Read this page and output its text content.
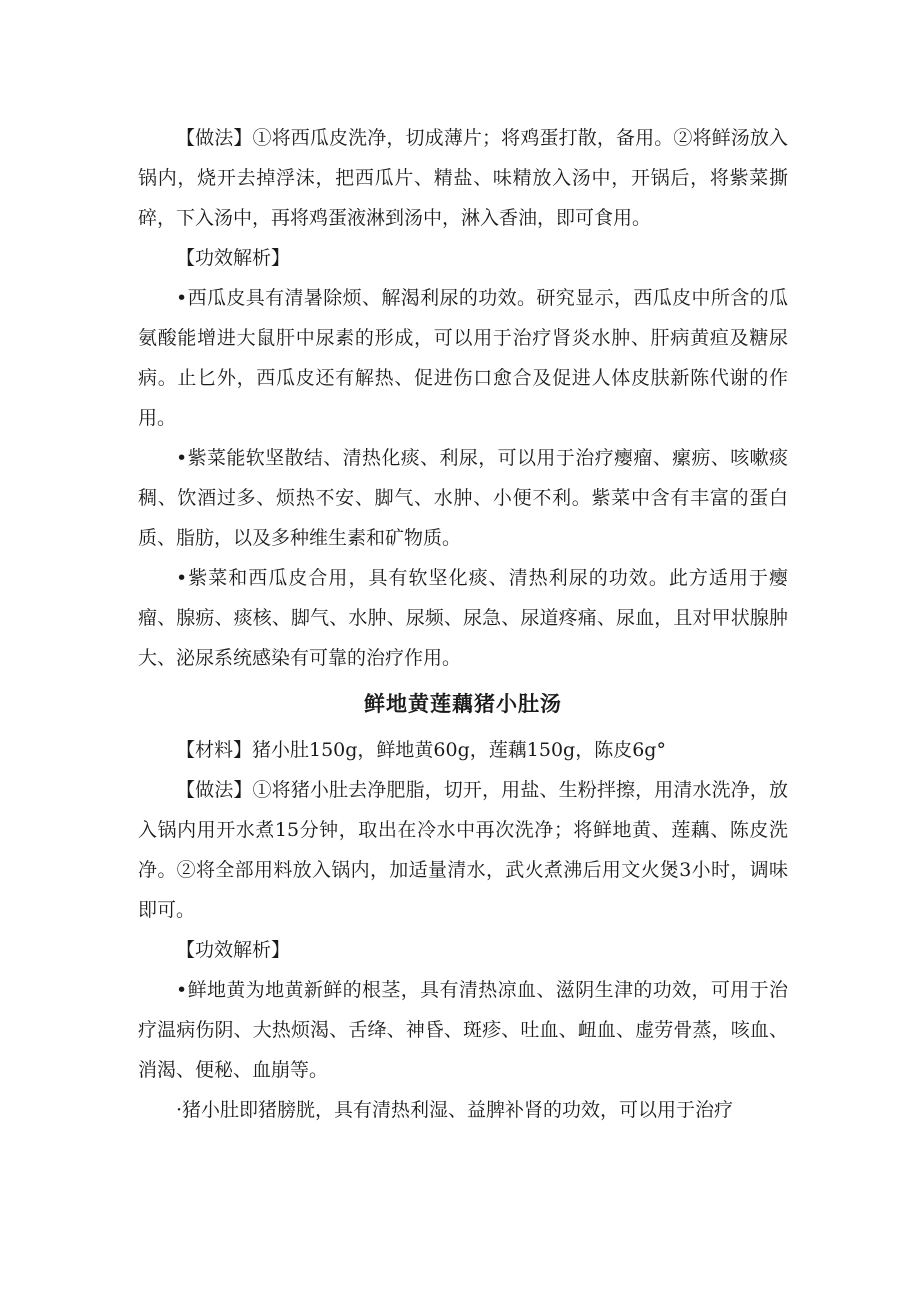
【做法】①将西瓜皮洗净，切成薄片；将鸡蛋打散，备用。②将鲜汤放入锅内，烧开去掉浮沫，把西瓜片、精盐、味精放入汤中，开锅后，将紫菜撕碎，下入汤中，再将鸡蛋液淋到汤中，淋入香油，即可食用。

【功效解析】

•西瓜皮具有清暑除烦、解渴利尿的功效。研究显示，西瓜皮中所含的瓜氨酸能增进大鼠肝中尿素的形成，可以用于治疗肾炎水肿、肝病黄疸及糖尿病。止匕外，西瓜皮还有解热、促进伤口愈合及促进人体皮肤新陈代谢的作用。

•紫菜能软坚散结、清热化痰、利尿，可以用于治疗瘿瘤、瘰疬、咳嗽痰稠、饮酒过多、烦热不安、脚气、水肿、小便不利。紫菜中含有丰富的蛋白质、脂肪，以及多种维生素和矿物质。

•紫菜和西瓜皮合用，具有软坚化痰、清热利尿的功效。此方适用于瘿瘤、腺疬、痰核、脚气、水肿、尿频、尿急、尿道疼痛、尿血，且对甲状腺肿大、泌尿系统感染有可靠的治疗作用。

鲜地黄莲藕猪小肚汤

【材料】猪小肚150g，鲜地黄60g，莲藕150g，陈皮6g°

【做法】①将猪小肚去净肥脂，切开，用盐、生粉拌擦，用清水洗净，放入锅内用开水煮15分钟，取出在冷水中再次洗净；将鲜地黄、莲藕、陈皮洗净。②将全部用料放入锅内，加适量清水，武火煮沸后用文火煲3小时，调味即可。

【功效解析】

•鲜地黄为地黄新鲜的根茎，具有清热凉血、滋阴生津的功效，可用于治疗温病伤阴、大热烦渴、舌绛、神昏、斑疹、吐血、衄血、虚劳骨蒸，咳血、消渴、便秘、血崩等。

·猪小肚即猪膀胱，具有清热利湿、益脾补肾的功效，可以用于治疗
